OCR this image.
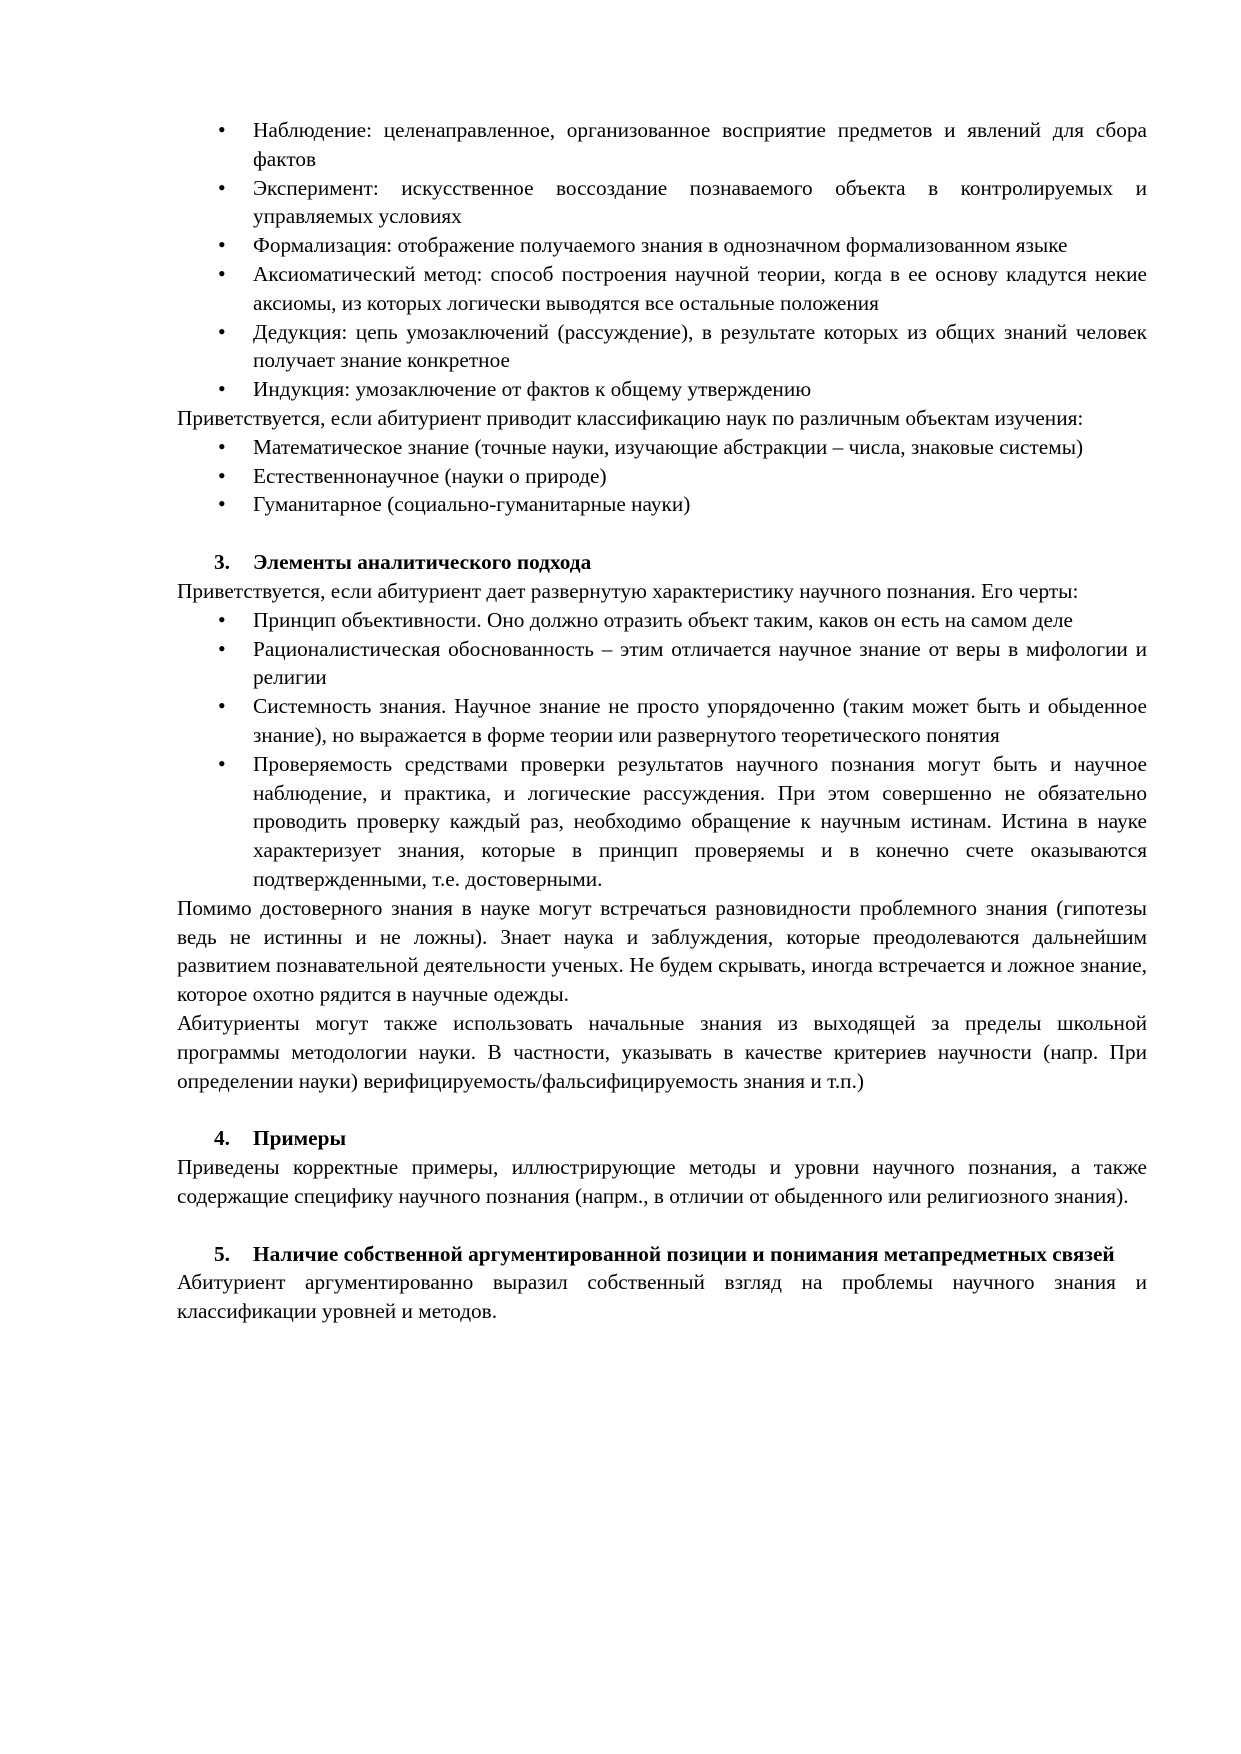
• Наблюдение: целенаправленное, организованное восприятие предметов и явлений для сбора фактов
• Эксперимент: искусственное воссоздание познаваемого объекта в контролируемых и управляемых условиях
• Формализация: отображение получаемого знания в однозначном формализованном языке
• Аксиоматический метод: способ построения научной теории, когда в ее основу кладутся некие аксиомы, из которых логически выводятся все остальные положения
• Дедукция: цепь умозаключений (рассуждение), в результате которых из общих знаний человек получает знание конкретное
• Индукция: умозаключение от фактов к общему утверждению

Приветствуется, если абитуриент приводит классификацию наук по различным объектам изучения:

• Математическое знание (точные науки, изучающие абстракции – числа, знаковые системы)
• Естественнонаучное (науки о природе)
• Гуманитарное (социально-гуманитарные науки)
3. Элементы аналитического подхода

Приветствуется, если абитуриент дает развернутую характеристику научного познания. Его черты:

• Принцип объективности. Оно должно отразить объект таким, каков он есть на самом деле
• Рационалистическая обоснованность – этим отличается научное знание от веры в мифологии и религии
• Системность знания. Научное знание не просто упорядоченно (таким может быть и обыденное знание), но выражается в форме теории или развернутого теоретического понятия
• Проверяемость средствами проверки результатов научного познания могут быть и научное наблюдение, и практика, и логические рассуждения. При этом совершенно не обязательно проводить проверку каждый раз, необходимо обращение к научным истинам. Истина в науке характеризует знания, которые в принцип проверяемы и в конечно счете оказываются подтвержденными, т.е. достоверными.

Помимо достоверного знания в науке могут встречаться разновидности проблемного знания (гипотезы ведь не истинны и не ложны). Знает наука и заблуждения, которые преодолеваются дальнейшим развитием познавательной деятельности ученых. Не будем скрывать, иногда встречается и ложное знание, которое охотно рядится в научные одежды.

Абитуриенты могут также использовать начальные знания из выходящей за пределы школьной программы методологии науки. В частности, указывать в качестве критериев научности (напр. При определении науки) верифицируемость/фальсифицируемость знания и т.п.)

4. Примеры

Приведены корректные примеры, иллюстрирующие методы и уровни научного познания, а также содержащие специфику научного познания (напрм., в отличии от обыденного или религиозного знания).

5. Наличие собственной аргументированной позиции и понимания метапредметных связей

Абитуриент аргументированно выразил собственный взгляд на проблемы научного знания и классификации уровней и методов.
